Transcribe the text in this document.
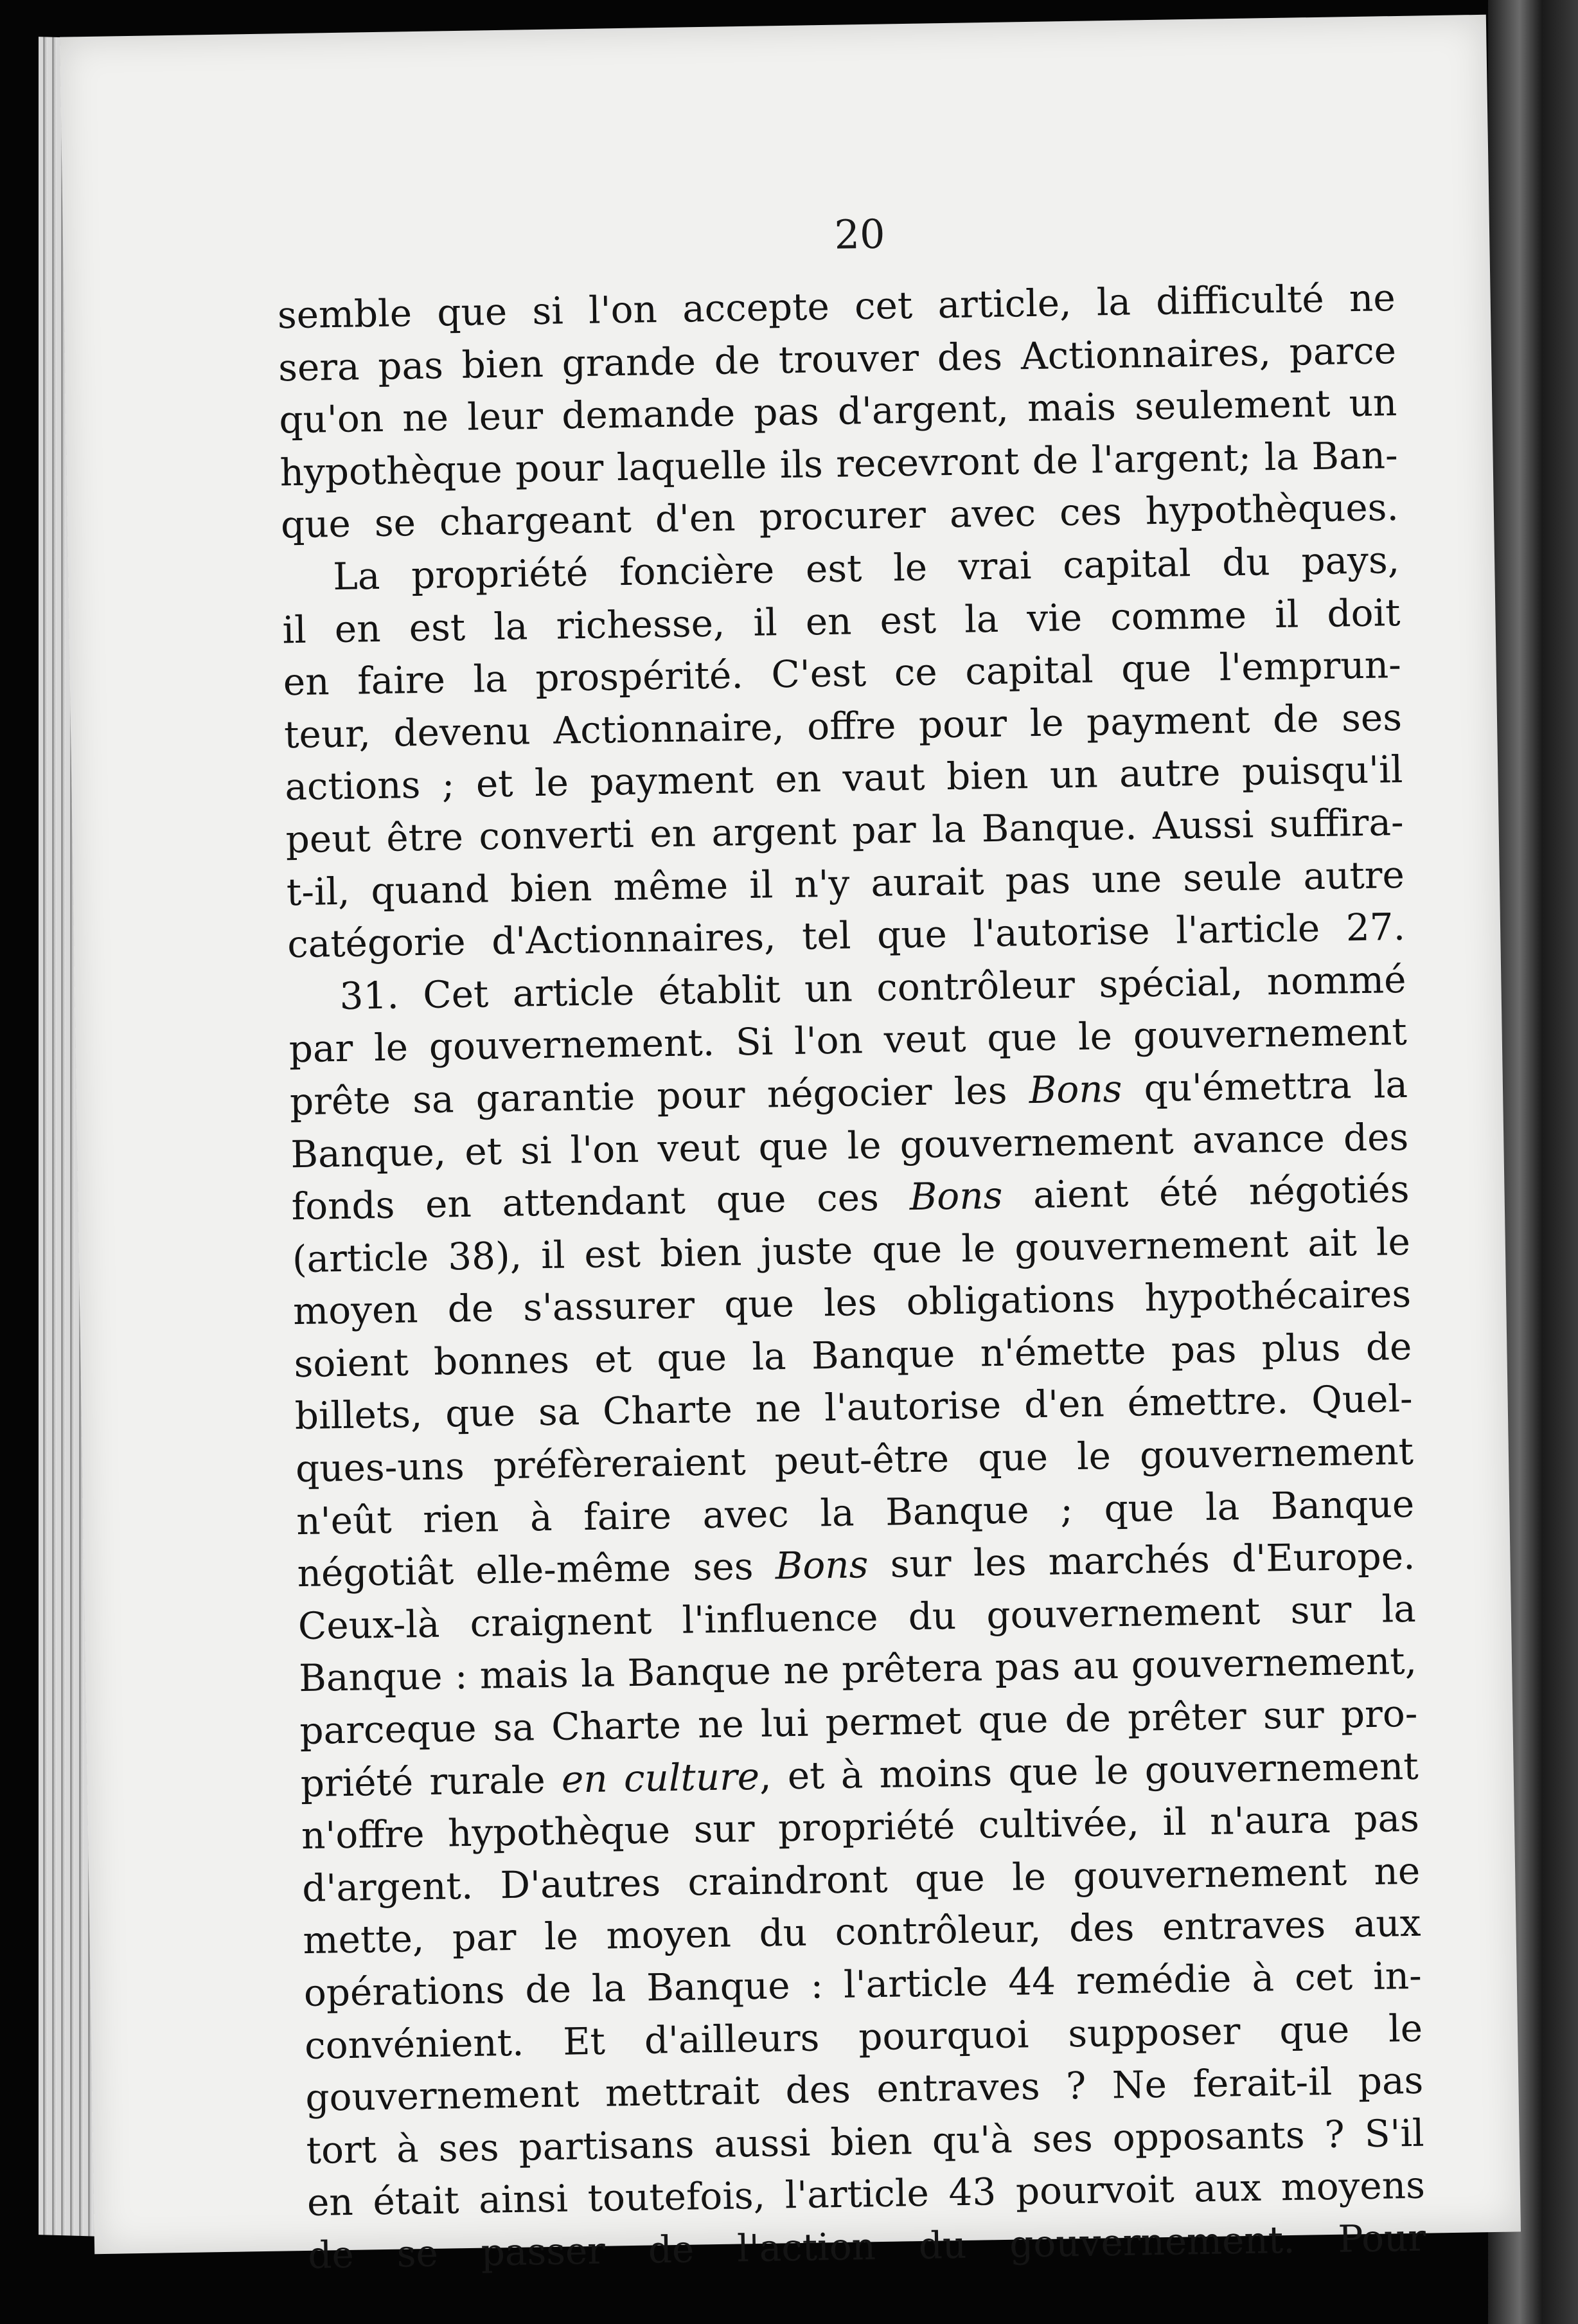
20
semble que si l'on accepte cet article, la difficulté ne
sera pas bien grande de trouver des Actionnaires, parce
qu'on ne leur demande pas d'argent, mais seulement un
hypothèque pour laquelle ils recevront de l'argent; la Ban-
que se chargeant d'en procurer avec ces hypothèques.
La propriété foncière est le vrai capital du pays,
il en est la richesse, il en est la vie comme il doit
en faire la prospérité. C'est ce capital que l'emprun-
teur, devenu Actionnaire, offre pour le payment de ses
actions ; et le payment en vaut bien un autre puisqu'il
peut être converti en argent par la Banque. Aussi suffira-
t-il, quand bien même il n'y aurait pas une seule autre
catégorie d'Actionnaires, tel que l'autorise l'article 27.
31. Cet article établit un contrôleur spécial, nommé
par le gouvernement. Si l'on veut que le gouvernement
prête sa garantie pour négocier les Bons qu'émettra la
Banque, et si l'on veut que le gouvernement avance des
fonds en attendant que ces Bons aient été négotiés
(article 38), il est bien juste que le gouvernement ait le
moyen de s'assurer que les obligations hypothécaires
soient bonnes et que la Banque n'émette pas plus de
billets, que sa Charte ne l'autorise d'en émettre. Quel-
ques-uns préfèreraient peut-être que le gouvernement
n'eût rien à faire avec la Banque ; que la Banque
négotiât elle-même ses Bons sur les marchés d'Europe.
Ceux-là craignent l'influence du gouvernement sur la
Banque : mais la Banque ne prêtera pas au gouvernement,
parceque sa Charte ne lui permet que de prêter sur pro-
priété rurale en culture, et à moins que le gouvernement
n'offre hypothèque sur propriété cultivée, il n'aura pas
d'argent. D'autres craindront que le gouvernement ne
mette, par le moyen du contrôleur, des entraves aux
opérations de la Banque : l'article 44 remédie à cet in-
convénient. Et d'ailleurs pourquoi supposer que le
gouvernement mettrait des entraves ? Ne ferait-il pas
tort à ses partisans aussi bien qu'à ses opposants ? S'il
en était ainsi toutefois, l'article 43 pourvoit aux moyens
de se passer de l'action du gouvernement. Pour
